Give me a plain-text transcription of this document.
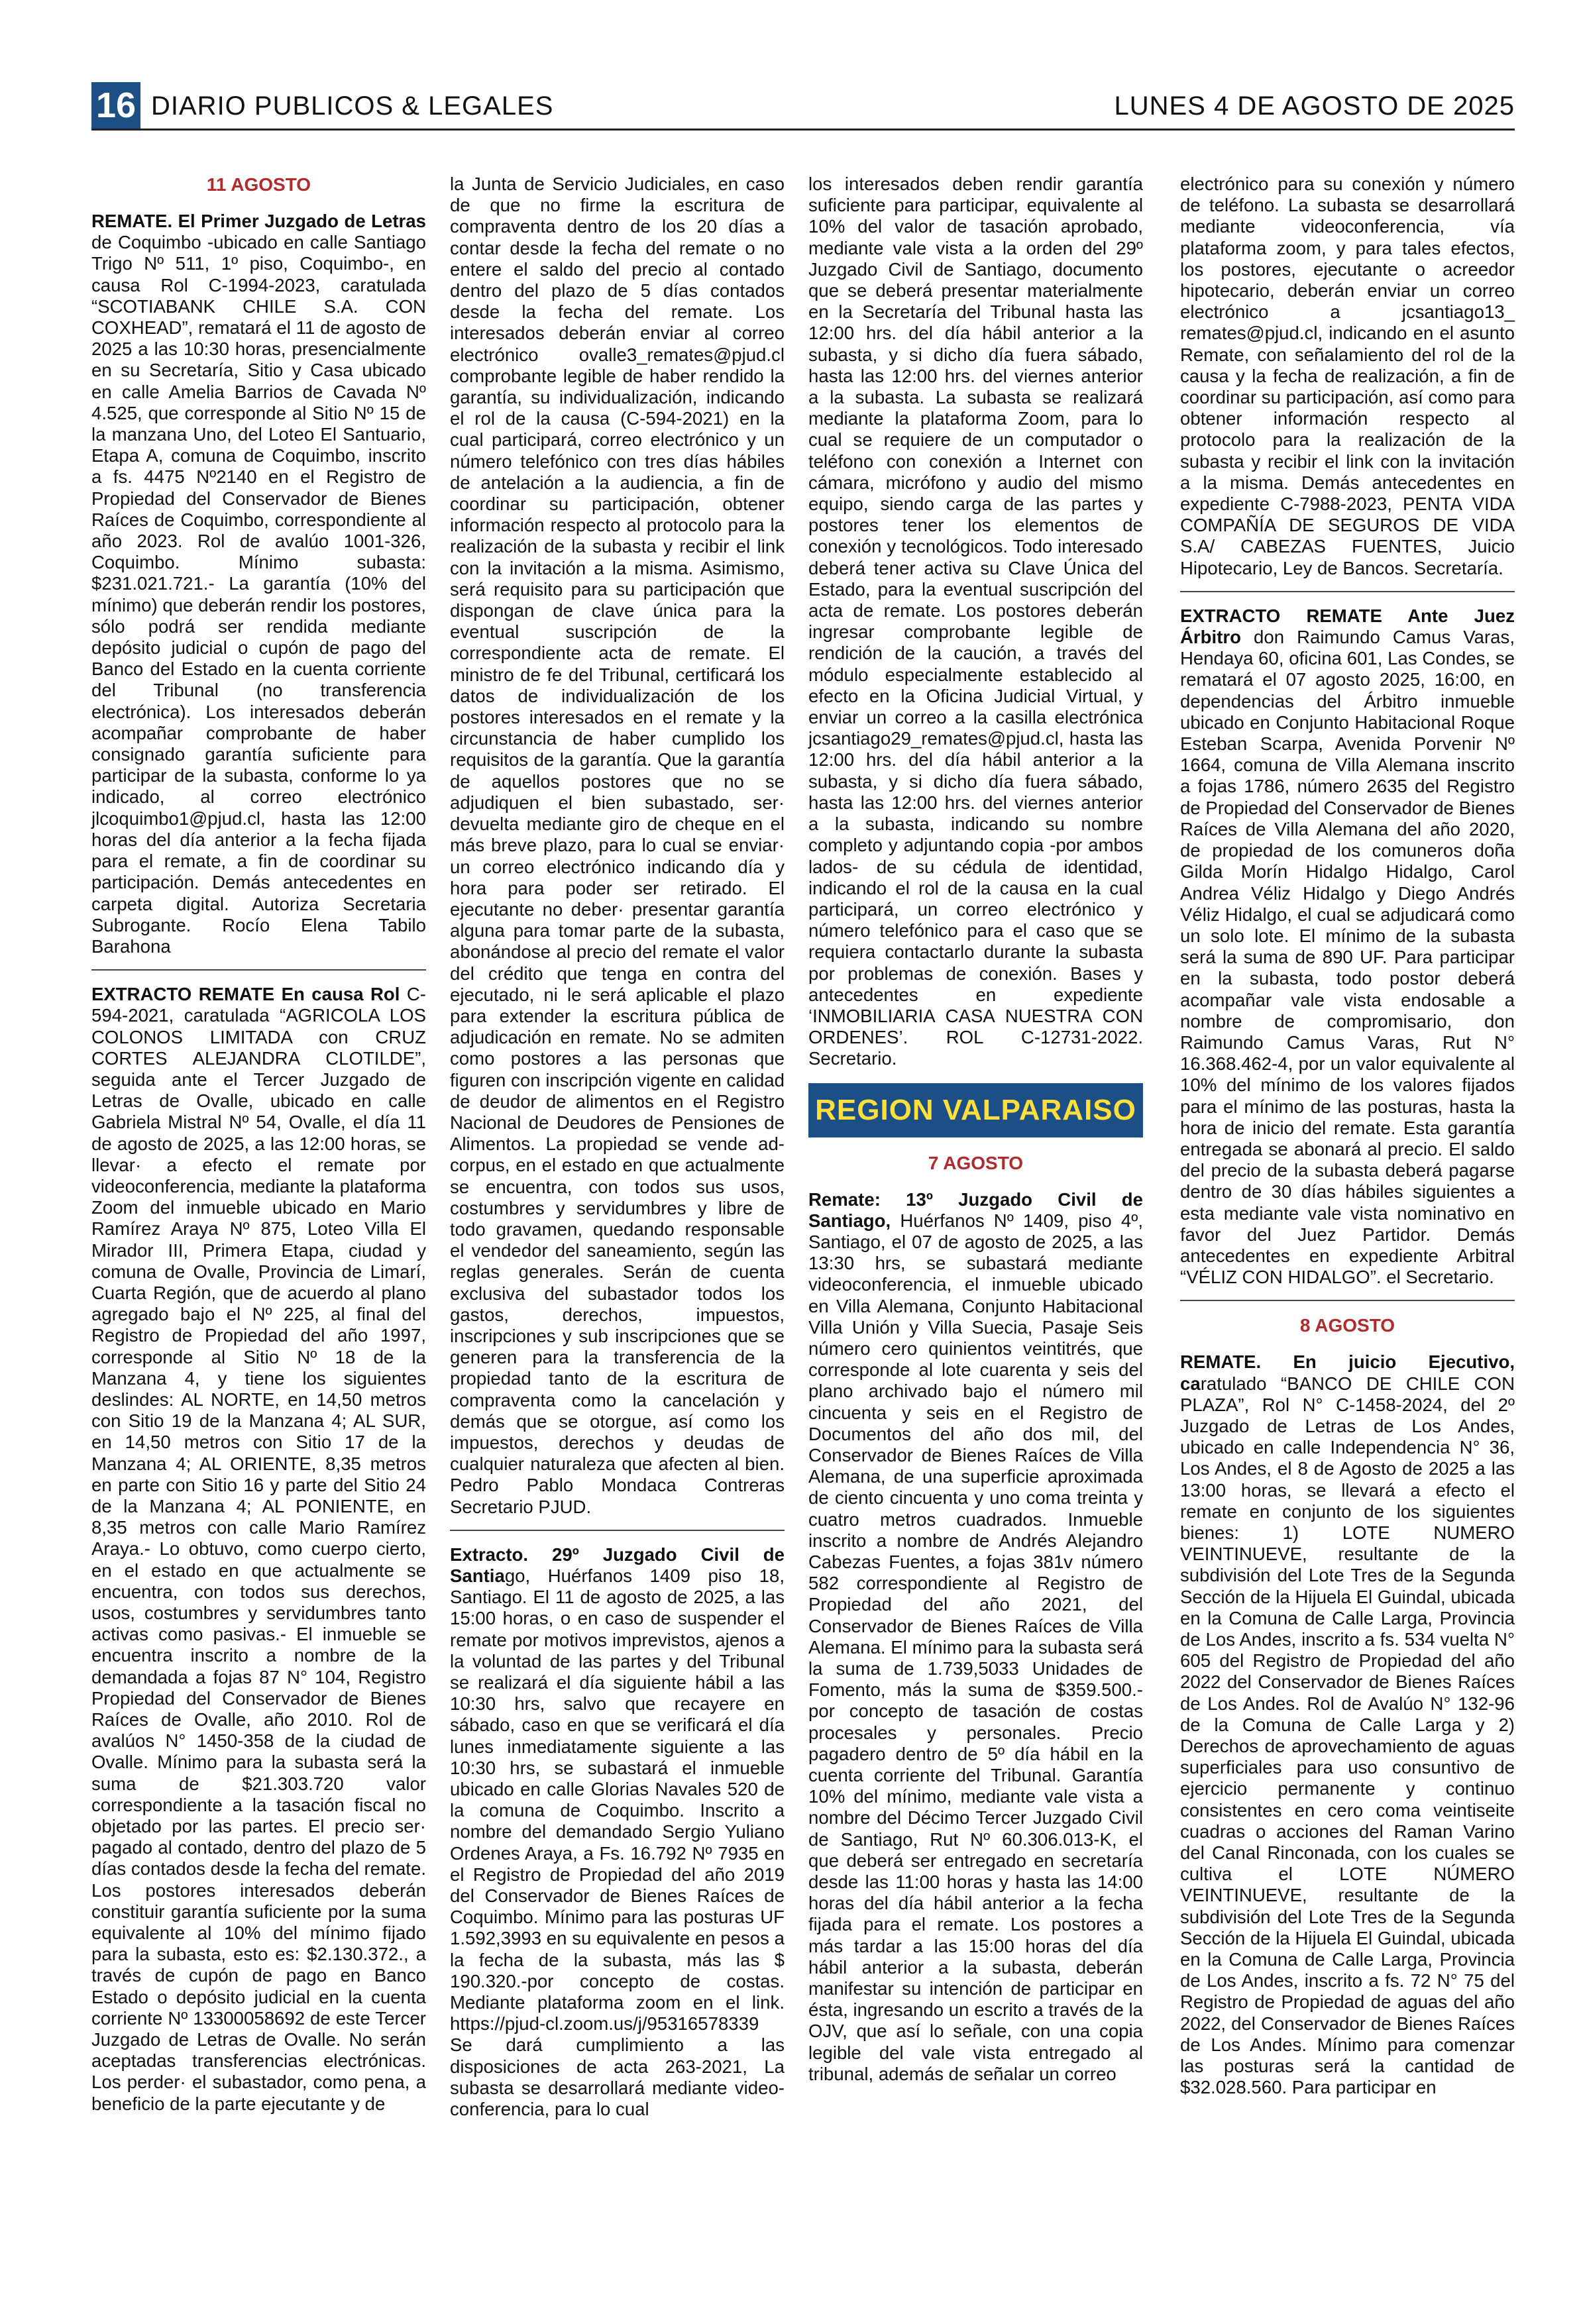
16 DIARIO PUBLICOS & LEGALES	LUNES 4 DE AGOSTO DE 2025
11 AGOSTO

REMATE. El Primer Juzgado de Letras de Coquimbo -ubicado en calle Santiago Trigo Nº 511, 1º piso, Coquimbo-, en causa Rol C-1994-2023, caratulada “SCOTIABANK CHILE S.A. CON COXHEAD”, rematará el 11 de agosto de 2025 a las 10:30 horas, presencialmente en su Secretaría, Sitio y Casa ubicado en calle Amelia Barrios de Cavada Nº 4.525, que corresponde al Sitio Nº 15 de la manzana Uno, del Loteo El Santuario, Etapa A, comuna de Coquimbo, inscrito a fs. 4475 Nº2140 en el Registro de Propiedad del Conservador de Bienes Raíces de Coquimbo, correspondiente al año 2023. Rol de avalúo 1001-326, Coquimbo. Mínimo subasta: $231.021.721.- La garantía (10% del mínimo) que deberán rendir los postores, sólo podrá ser rendida mediante depósito judicial o cupón de pago del Banco del Estado en la cuenta corriente del Tribunal (no transferencia electrónica). Los interesados deberán acompañar comprobante de haber consignado garantía suficiente para participar de la subasta, conforme lo ya indicado, al correo electrónico jlcoquimbo1@pjud.cl, hasta las 12:00 horas del día anterior a la fecha fijada para el remate, a fin de coordinar su participación. Demás antecedentes en carpeta digital. Autoriza Secretaria Subrogante. Rocío Elena Tabilo Barahona

EXTRACTO REMATE En causa Rol C-594-2021, caratulada “AGRICOLA LOS COLONOS LIMITADA con CRUZ CORTES ALEJANDRA CLOTILDE”, seguida ante el Tercer Juzgado de Letras de Ovalle, ubicado en calle Gabriela Mistral Nº 54, Ovalle, el día 11 de agosto de 2025, a las 12:00 horas, se llevar· a efecto el remate por videoconferencia, mediante la plataforma Zoom del inmueble ubicado en Mario Ramírez Araya Nº 875, Loteo Villa El Mirador III, Primera Etapa, ciudad y comuna de Ovalle, Provincia de Limarí, Cuarta Región, que de acuerdo al plano agregado bajo el Nº 225, al final del Registro de Propiedad del año 1997, corresponde al Sitio Nº 18 de la Manzana 4, y tiene los siguientes deslindes: AL NORTE, en 14,50 metros con Sitio 19 de la Manzana 4; AL SUR, en 14,50 metros con Sitio 17 de la Manzana 4; AL ORIENTE, 8,35 metros en parte con Sitio 16 y parte del Sitio 24 de la Manzana 4; AL PONIENTE, en 8,35 metros con calle Mario Ramírez Araya.- Lo obtuvo, como cuerpo cierto, en el estado en que actualmente se encuentra, con todos sus derechos, usos, costumbres y servidumbres tanto activas como pasivas.- El inmueble se encuentra inscrito a nombre de la demandada a fojas 87 N° 104, Registro Propiedad del Conservador de Bienes Raíces de Ovalle, año 2010. Rol de avalúos N° 1450-358 de la ciudad de Ovalle. Mínimo para la subasta será la suma de $21.303.720 valor correspondiente a la tasación fiscal no objetado por las partes. El precio ser· pagado al contado, dentro del plazo de 5 días contados desde la fecha del remate. Los postores interesados deberán constituir garantía suficiente por la suma equivalente al 10% del mínimo fijado para la subasta, esto es: $2.130.372., a través de cupón de pago en Banco Estado o depósito judicial en la cuenta corriente Nº 13300058692 de este Tercer Juzgado de Letras de Ovalle. No serán aceptadas transferencias electrónicas. Los perder· el subastador, como pena, a beneficio de la parte ejecutante y de

la Junta de Servicio Judiciales, en caso de que no firme la escritura de compraventa dentro de los 20 días a contar desde la fecha del remate o no entere el saldo del precio al contado dentro del plazo de 5 días contados desde la fecha del remate. Los interesados deberán enviar al correo electrónico ovalle3_remates@pjud.cl comprobante legible de haber rendido la garantía, su individualización, indicando el rol de la causa (C-594-2021) en la cual participará, correo electrónico y un número telefónico con tres días hábiles de antelación a la audiencia, a fin de coordinar su participación, obtener información respecto al protocolo para la realización de la subasta y recibir el link con la invitación a la misma. Asimismo, será requisito para su participación que dispongan de clave única para la eventual suscripción de la correspondiente acta de remate. El ministro de fe del Tribunal, certificará los datos de individualización de los postores interesados en el remate y la circunstancia de haber cumplido los requisitos de la garantía. Que la garantía de aquellos postores que no se adjudiquen el bien subastado, ser· devuelta mediante giro de cheque en el más breve plazo, para lo cual se enviar· un correo electrónico indicando día y hora para poder ser retirado. El ejecutante no deber· presentar garantía alguna para tomar parte de la subasta, abonándose al precio del remate el valor del crédito que tenga en contra del ejecutado, ni le será aplicable el plazo para extender la escritura pública de adjudicación en remate. No se admiten como postores a las personas que figuren con inscripción vigente en calidad de deudor de alimentos en el Registro Nacional de Deudores de Pensiones de Alimentos. La propiedad se vende ad-corpus, en el estado en que actualmente se encuentra, con todos sus usos, costumbres y servidumbres y libre de todo gravamen, quedando responsable el vendedor del saneamiento, según las reglas generales. Serán de cuenta exclusiva del subastador todos los gastos, derechos, impuestos, inscripciones y sub inscripciones que se generen para la transferencia de la propiedad tanto de la escritura de compraventa como la cancelación y demás que se otorgue, así como los impuestos, derechos y deudas de cualquier naturaleza que afecten al bien. Pedro Pablo Mondaca Contreras Secretario PJUD.

Extracto. 29º Juzgado Civil de Santiago, Huérfanos 1409 piso 18, Santiago. El 11 de agosto de 2025, a las 15:00 horas, o en caso de suspender el remate por motivos imprevistos, ajenos a la voluntad de las partes y del Tribunal se realizará el día siguiente hábil a las 10:30 hrs, salvo que recayere en sábado, caso en que se verificará el día lunes inmediatamente siguiente a las 10:30 hrs, se subastará el inmueble ubicado en calle Glorias Navales 520 de la comuna de Coquimbo. Inscrito a nombre del demandado Sergio Yuliano Ordenes Araya, a Fs. 16.792 Nº 7935 en el Registro de Propiedad del año 2019 del Conservador de Bienes Raíces de Coquimbo. Mínimo para las posturas UF 1.592,3993 en su equivalente en pesos a la fecha de la subasta, más las $ 190.320.-por concepto de costas. Mediante plataforma zoom en el link. https://pjud-cl.zoom.us/j/95316578339 Se dará cumplimiento a las disposiciones de acta 263-2021, La subasta se desarrollará mediante video-conferencia, para lo cual

los interesados deben rendir garantía suficiente para participar, equivalente al 10% del valor de tasación aprobado, mediante vale vista a la orden del 29º Juzgado Civil de Santiago, documento que se deberá presentar materialmente en la Secretaría del Tribunal hasta las 12:00 hrs. del día hábil anterior a la subasta, y si dicho día fuera sábado, hasta las 12:00 hrs. del viernes anterior a la subasta. La subasta se realizará mediante la plataforma Zoom, para lo cual se requiere de un computador o teléfono con conexión a Internet con cámara, micrófono y audio del mismo equipo, siendo carga de las partes y postores tener los elementos de conexión y tecnológicos. Todo interesado deberá tener activa su Clave Única del Estado, para la eventual suscripción del acta de remate. Los postores deberán ingresar comprobante legible de rendición de la caución, a través del módulo especialmente establecido al efecto en la Oficina Judicial Virtual, y enviar un correo a la casilla electrónica jcsantiago29_remates@pjud.cl, hasta las 12:00 hrs. del día hábil anterior a la subasta, y si dicho día fuera sábado, hasta las 12:00 hrs. del viernes anterior a la subasta, indicando su nombre completo y adjuntando copia -por ambos lados- de su cédula de identidad, indicando el rol de la causa en la cual participará, un correo electrónico y número telefónico para el caso que se requiera contactarlo durante la subasta por problemas de conexión. Bases y antecedentes en expediente ‘INMOBILIARIA CASA NUESTRA CON ORDENES’. ROL C-12731-2022. Secretario.

REGION VALPARAISO
7 AGOSTO

Remate: 13º Juzgado Civil de Santiago, Huérfanos Nº 1409, piso 4º, Santiago, el 07 de agosto de 2025, a las 13:30 hrs, se subastará mediante videoconferencia, el inmueble ubicado en Villa Alemana, Conjunto Habitacional Villa Unión y Villa Suecia, Pasaje Seis número cero quinientos veintitrés, que corresponde al lote cuarenta y seis del plano archivado bajo el número mil cincuenta y seis en el Registro de Documentos del año dos mil, del Conservador de Bienes Raíces de Villa Alemana, de una superficie aproximada de ciento cincuenta y uno coma treinta y cuatro metros cuadrados. Inmueble inscrito a nombre de Andrés Alejandro Cabezas Fuentes, a fojas 381v número 582 correspondiente al Registro de Propiedad del año 2021, del Conservador de Bienes Raíces de Villa Alemana. El mínimo para la subasta será la suma de 1.739,5033 Unidades de Fomento, más la suma de $359.500.- por concepto de tasación de costas procesales y personales. Precio pagadero dentro de 5º día hábil en la cuenta corriente del Tribunal. Garantía 10% del mínimo, mediante vale vista a nombre del Décimo Tercer Juzgado Civil de Santiago, Rut Nº 60.306.013-K, el que deberá ser entregado en secretaría desde las 11:00 horas y hasta las 14:00 horas del día hábil anterior a la fecha fijada para el remate. Los postores a más tardar a las 15:00 horas del día hábil anterior a la subasta, deberán manifestar su intención de participar en ésta, ingresando un escrito a través de la OJV, que así lo señale, con una copia legible del vale vista entregado al tribunal, además de señalar un correo

electrónico para su conexión y número de teléfono. La subasta se desarrollará mediante videoconferencia, vía plataforma zoom, y para tales efectos, los postores, ejecutante o acreedor hipotecario, deberán enviar un correo electrónico a jcsantiago13_ remates@pjud.cl, indicando en el asunto Remate, con señalamiento del rol de la causa y la fecha de realización, a fin de coordinar su participación, así como para obtener información respecto al protocolo para la realización de la subasta y recibir el link con la invitación a la misma. Demás antecedentes en expediente C-7988-2023, PENTA VIDA COMPAÑÍA DE SEGUROS DE VIDA S.A/ CABEZAS FUENTES, Juicio Hipotecario, Ley de Bancos. Secretaría.

EXTRACTO REMATE Ante Juez Árbitro don Raimundo Camus Varas, Hendaya 60, oficina 601, Las Condes, se rematará el 07 agosto 2025, 16:00, en dependencias del Árbitro inmueble ubicado en Conjunto Habitacional Roque Esteban Scarpa, Avenida Porvenir Nº 1664, comuna de Villa Alemana inscrito a fojas 1786, número 2635 del Registro de Propiedad del Conservador de Bienes Raíces de Villa Alemana del año 2020, de propiedad de los comuneros doña Gilda Morín Hidalgo Hidalgo, Carol Andrea Véliz Hidalgo y Diego Andrés Véliz Hidalgo, el cual se adjudicará como un solo lote. El mínimo de la subasta será la suma de 890 UF. Para participar en la subasta, todo postor deberá acompañar vale vista endosable a nombre de compromisario, don Raimundo Camus Varas, Rut N° 16.368.462-4, por un valor equivalente al 10% del mínimo de los valores fijados para el mínimo de las posturas, hasta la hora de inicio del remate. Esta garantía entregada se abonará al precio. El saldo del precio de la subasta deberá pagarse dentro de 30 días hábiles siguientes a esta mediante vale vista nominativo en favor del Juez Partidor. Demás antecedentes en expediente Arbitral “VÉLIZ CON HIDALGO”. el Secretario.

8 AGOSTO

REMATE. En juicio Ejecutivo, caratulado “BANCO DE CHILE CON PLAZA”, Rol N° C-1458-2024, del 2º Juzgado de Letras de Los Andes, ubicado en calle Independencia N° 36, Los Andes, el 8 de Agosto de 2025 a las 13:00 horas, se llevará a efecto el remate en conjunto de los siguientes bienes: 1) LOTE NUMERO VEINTINUEVE, resultante de la subdivisión del Lote Tres de la Segunda Sección de la Hijuela El Guindal, ubicada en la Comuna de Calle Larga, Provincia de Los Andes, inscrito a fs. 534 vuelta N° 605 del Registro de Propiedad del año 2022 del Conservador de Bienes Raíces de Los Andes. Rol de Avalúo N° 132-96 de la Comuna de Calle Larga y 2) Derechos de aprovechamiento de aguas superficiales para uso consuntivo de ejercicio permanente y continuo consistentes en cero coma veintiseite cuadras o acciones del Raman Varino del Canal Rinconada, con los cuales se cultiva el LOTE NÚMERO VEINTINUEVE, resultante de la subdivisión del Lote Tres de la Segunda Sección de la Hijuela El Guindal, ubicada en la Comuna de Calle Larga, Provincia de Los Andes, inscrito a fs. 72 N° 75 del Registro de Propiedad de aguas del año 2022, del Conservador de Bienes Raíces de Los Andes. Mínimo para comenzar las posturas será la cantidad de $32.028.560. Para participar en
